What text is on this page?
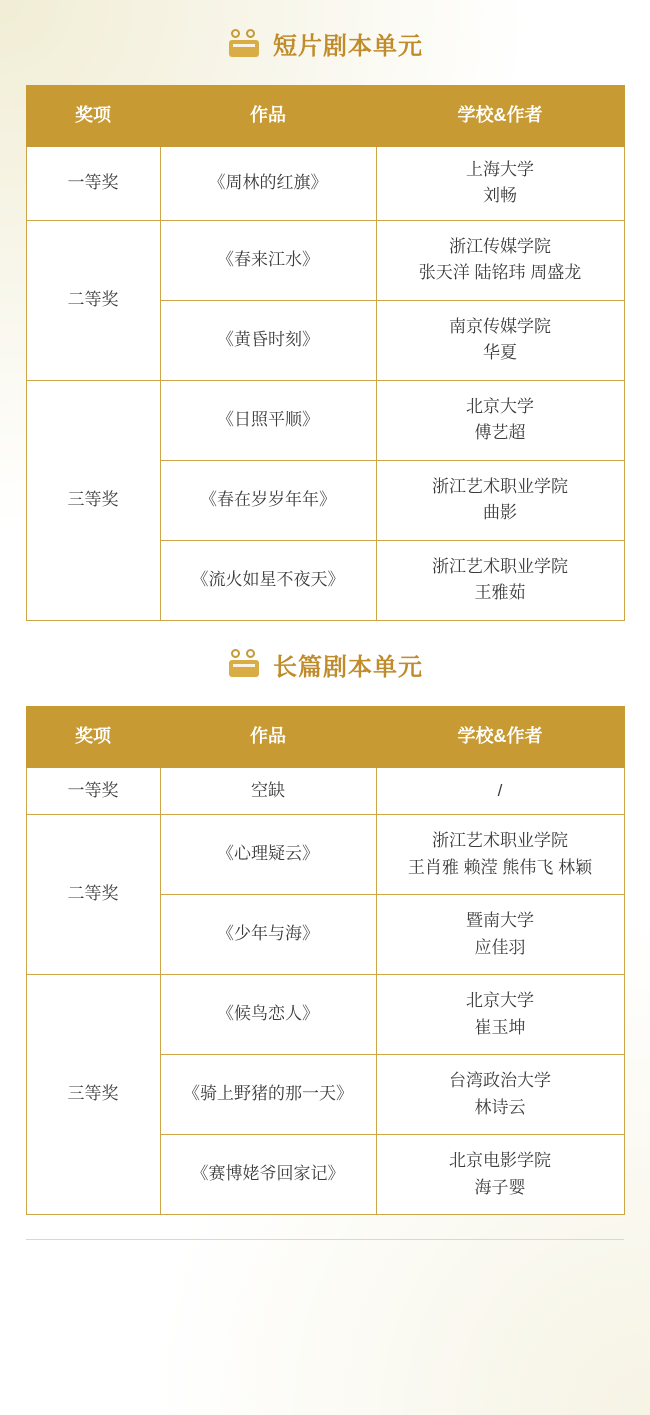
短片剧本单元
奖项	作品	学校&作者
一等奖	《周林的红旗》	上海大学
刘畅

二等奖	《春来江水》	浙江传媒学院
张天洋 陆铭玮 周盛龙

	《黄昏时刻》	南京传媒学院
华夏

三等奖	《日照平顺》	北京大学
傅艺超

	《春在岁岁年年》	浙江艺术职业学院
曲影

	《流火如星不夜天》	浙江艺术职业学院
王雅茹
长篇剧本单元
奖项	作品	学校&作者
一等奖	空缺	/

二等奖	《心理疑云》	浙江艺术职业学院
王肖雅 赖滢 熊伟飞 林颖

	《少年与海》	暨南大学
应佳羽

三等奖	《候鸟恋人》	北京大学
崔玉坤

	《骑上野猪的那一天》	台湾政治大学
林诗云

	《赛博姥爷回家记》	北京电影学院
海子婴
